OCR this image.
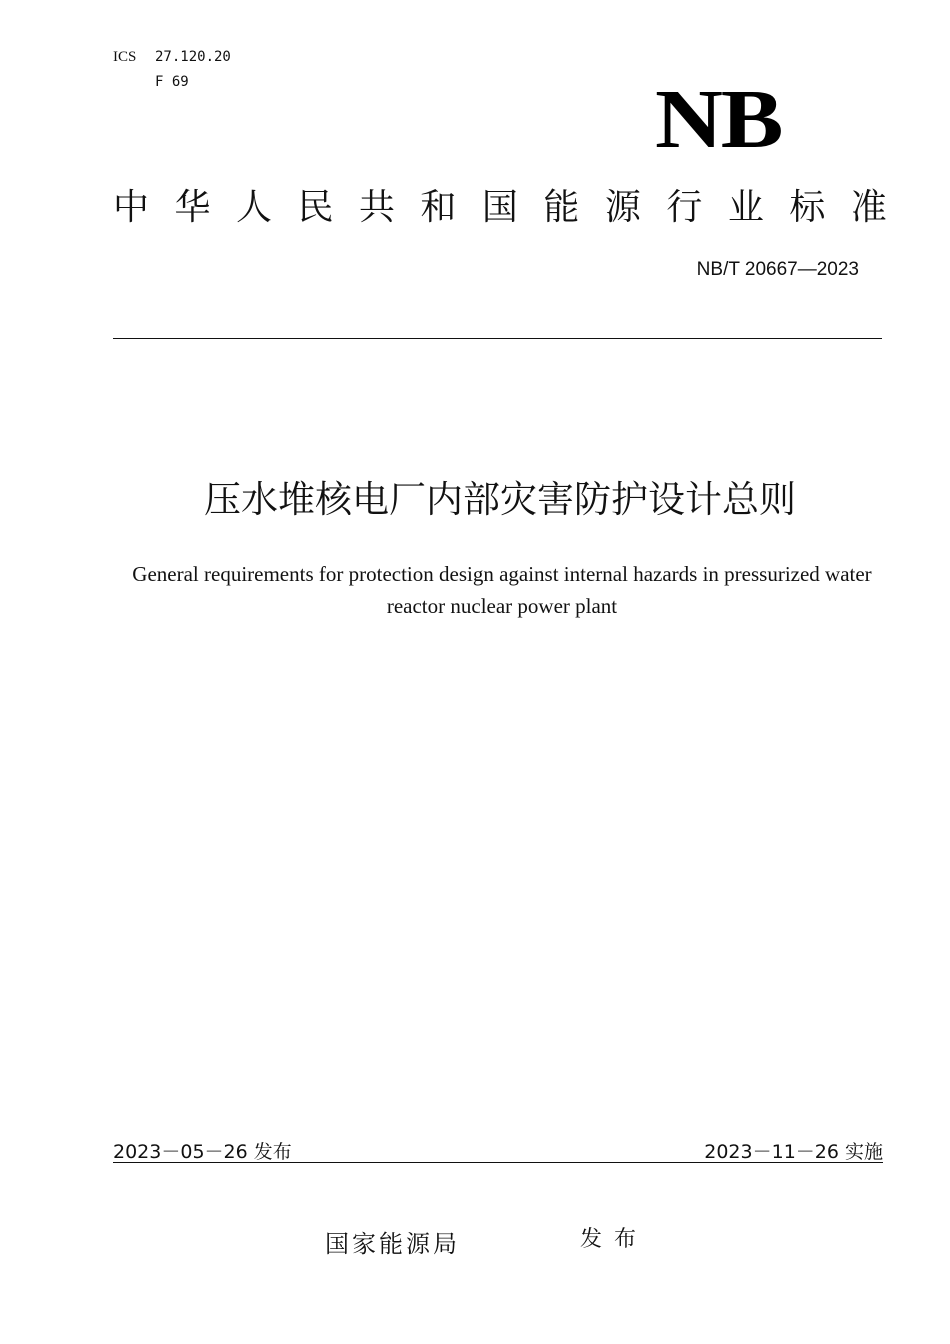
ICS 27.120.20
F 69	NB
中 华 人 民 共 和 国 能 源 行 业 标 准
NB/T 20667—2023
压水堆核电厂内部灾害防护设计总则
General requirements for protection design against internal hazards in pressurized water reactor nuclear power plant
2023－05－26 发布	2023－11－26 实施
国家能源局	发布
